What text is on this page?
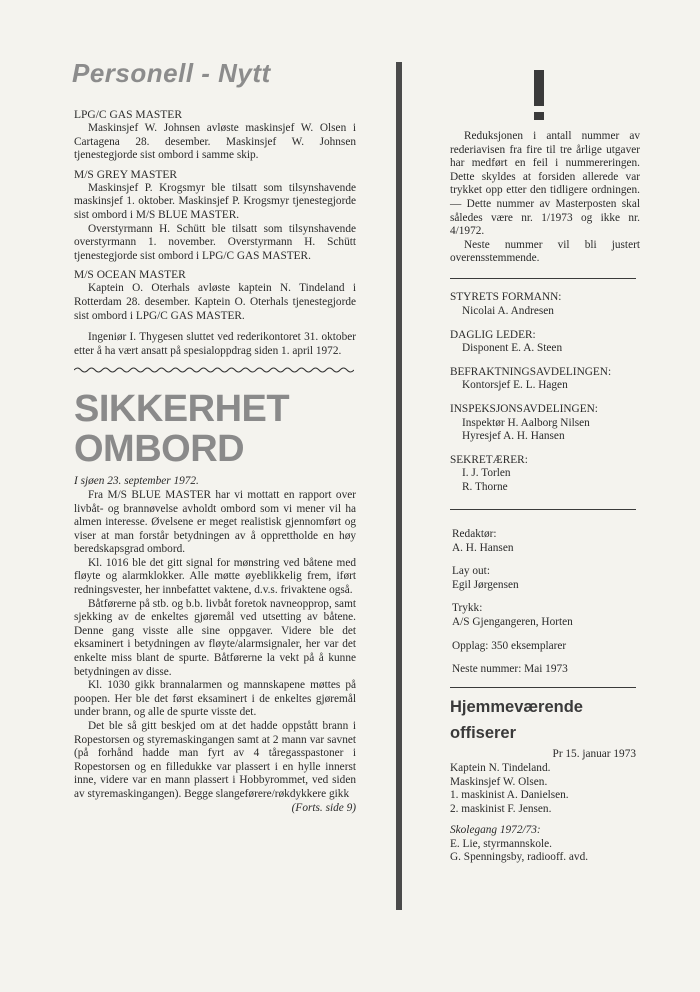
Personell - Nytt
LPG/C GAS MASTER

Maskinsjef W. Johnsen avløste maskinsjef W. Olsen i Cartagena 28. desember. Maskinsjef W. Johnsen tjenestegjorde sist ombord i samme skip.

M/S GREY MASTER

Maskinsjef P. Krogsmyr ble tilsatt som tilsynshavende maskinsjef 1. oktober. Maskinsjef P. Krogsmyr tjenestegjorde sist ombord i M/S BLUE MASTER.

Overstyrmann H. Schütt ble tilsatt som tilsynshavende overstyrmann 1. november. Overstyrmann H. Schütt tjenestegjorde sist ombord i LPG/C GAS MASTER.

M/S OCEAN MASTER

Kaptein O. Oterhals avløste kaptein N. Tindeland i Rotterdam 28. desember. Kaptein O. Oterhals tjenestegjorde sist ombord i LPG/C GAS MASTER.

Ingeniør I. Thygesen sluttet ved rederikontoret 31. oktober etter å ha vært ansatt på spesialoppdrag siden 1. april 1972.

SIKKERHET
OMBORD
I sjøen 23. september 1972.

Fra M/S BLUE MASTER har vi mottatt en rapport over livbåt- og brannøvelse avholdt ombord som vi mener vil ha almen interesse. Øvelsene er meget realistisk gjennomført og viser at man forstår betydningen av å opprettholde en høy beredskapsgrad ombord.

Kl. 1016 ble det gitt signal for mønstring ved båtene med fløyte og alarmklokker. Alle møtte øyeblikkelig frem, iført redningsvester, her innbefattet vaktene, d.v.s. frivaktene også.

Båtførerne på stb. og b.b. livbåt foretok navneopprop, samt sjekking av de enkeltes gjøremål ved utsetting av båtene. Denne gang visste alle sine oppgaver. Videre ble det eksaminert i betydningen av fløyte/alarmsignaler, her var det enkelte miss blant de spurte. Båtførerne la vekt på å kunne betydningen av disse.

Kl. 1030 gikk brannalarmen og mannskapene møttes på poopen. Her ble det først eksaminert i de enkeltes gjøremål under brann, og alle de spurte visste det.

Det ble så gitt beskjed om at det hadde oppstått brann i Ropestorsen og styremaskingangen samt at 2 mann var savnet (på forhånd hadde man fyrt av 4 tåregasspastoner i Ropestorsen og en filledukke var plassert i en hylle innerst inne, videre var en mann plassert i Hobbyrommet, ved siden av styremaskingangen). Begge slangeførere/røkdykkere gikk

(Forts. side 9)

Reduksjonen i antall nummer av rederiavisen fra fire til tre årlige utgaver har medført en feil i nummereringen. Dette skyldes at forsiden allerede var trykket opp etter den tidligere ordningen. — Dette nummer av Masterposten skal således være nr. 1/1973 og ikke nr. 4/1972.

Neste nummer vil bli justert overensstemmende.

STYRETS FORMANN:
Nicolai A. Andresen
DAGLIG LEDER:
Disponent E. A. Steen
BEFRAKTNINGSAVDELINGEN:
Kontorsjef E. L. Hagen
INSPEKSJONSAVDELINGEN:
Inspektør H. Aalborg Nilsen
Hyresjef A. H. Hansen
SEKRETÆRER:
I. J. Torlen
R. Thorne
Redaktør:
A. H. Hansen
Lay out:
Egil Jørgensen
Trykk:
A/S Gjengangeren, Horten
Opplag: 350 eksemplarer
Neste nummer: Mai 1973
Hjemmeværende
offiserer
Pr 15. januar 1973
Kaptein N. Tindeland.
Maskinsjef W. Olsen.
1. maskinist A. Danielsen.
2. maskinist F. Jensen.
Skolegang 1972/73:
E. Lie, styrmannskole.
G. Spenningsby, radiooff. avd.
